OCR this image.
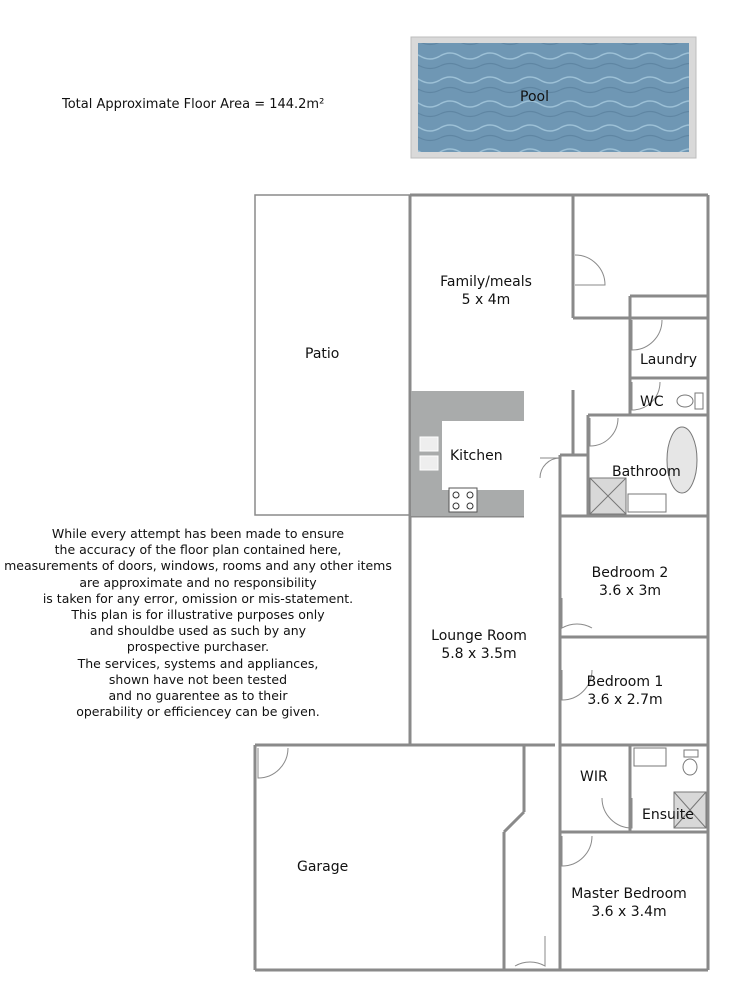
Total Approximate Floor Area = 144.2m²	Pool
Patio
Family/meals
5 x 4m
Kitchen
Laundry
WC
Bathroom
Bedroom 2
3.6 x 3m
Bedroom 1
3.6 x 2.7m
Lounge Room
5.8 x 3.5m
WIR
Ensuite
Master Bedroom
3.6 x 3.4m
Garage
While every attempt has been made to ensure
the accuracy of the floor plan contained here,
measurements of doors, windows, rooms and any other items
are approximate and no responsibility
is taken for any error, omission or mis-statement.
This plan is for illustrative purposes only
and shouldbe used as such by any
prospective purchaser.
The services, systems and appliances,
shown have not been tested
and no guarentee as to their
operability or efficiencey can be given.
